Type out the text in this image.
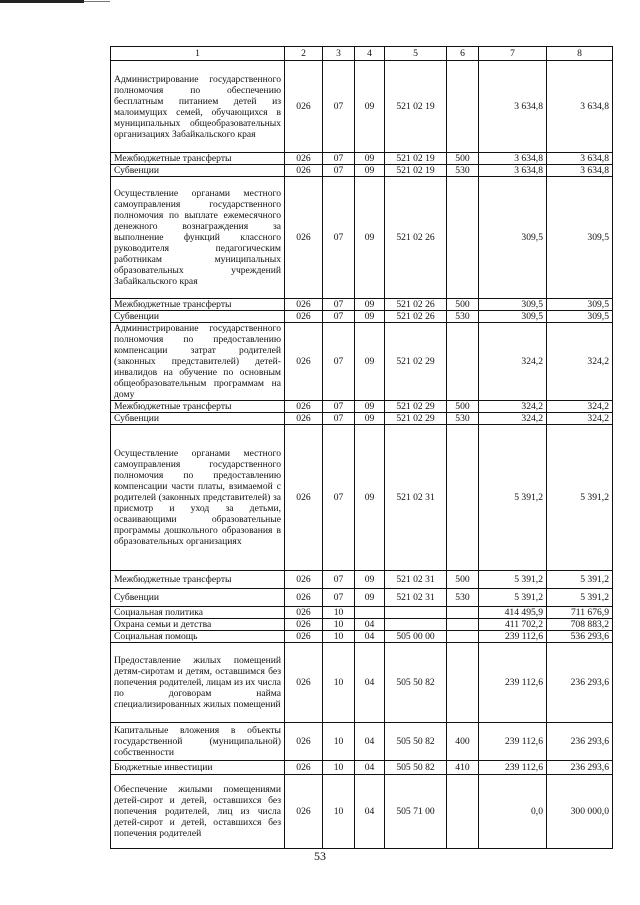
1	2	3	4	5	6	7	8
Администрирование государственного полномочия по обеспечению бесплатным питанием детей из малоимущих семей, обучающихся в муниципальных общеобразовательных организациях Забайкальского края	026	07	09	521 02 19		3 634,8	3 634,8
Межбюджетные трансферты	026	07	09	521 02 19	500	3 634,8	3 634,8
Субвенции	026	07	09	521 02 19	530	3 634,8	3 634,8
Осуществление органами местного самоуправления государственного полномочия по выплате ежемесячного денежного вознаграждения за выполнение функций классного руководителя педагогическим работникам муниципальных образовательных учреждений Забайкальского края	026	07	09	521 02 26		309,5	309,5
Межбюджетные трансферты	026	07	09	521 02 26	500	309,5	309,5
Субвенции	026	07	09	521 02 26	530	309,5	309,5
Администрирование государственного полномочия по предоставлению компенсации затрат родителей (законных представителей) детей-инвалидов на обучение по основным общеобразовательным программам на дому	026	07	09	521 02 29		324,2	324,2
Межбюджетные трансферты	026	07	09	521 02 29	500	324,2	324,2
Субвенции	026	07	09	521 02 29	530	324,2	324,2
Осуществление органами местного самоуправления государственного полномочия по предоставлению компенсации части платы, взимаемой с родителей (законных представителей) за присмотр и уход за детьми, осваивающими образовательные программы дошкольного образования в образовательных организациях	026	07	09	521 02 31		5 391,2	5 391,2
Межбюджетные трансферты	026	07	09	521 02 31	500	5 391,2	5 391,2
Субвенции	026	07	09	521 02 31	530	5 391,2	5 391,2
Социальная политика	026	10				414 495,9	711 676,9
Охрана семьи и детства	026	10	04			411 702,2	708 883,2
Социальная помощь	026	10	04	505 00 00		239 112,6	536 293,6
Предоставление жилых помещений детям-сиротам и детям, оставшимся без попечения родителей, лицам из их числа по договорам найма специализированных жилых помещений	026	10	04	505 50 82		239 112,6	236 293,6
Капитальные вложения в объекты государственной (муниципальной) собственности	026	10	04	505 50 82	400	239 112,6	236 293,6
Бюджетные инвестиции	026	10	04	505 50 82	410	239 112,6	236 293,6
Обеспечение жилыми помещениями детей-сирот и детей, оставшихся без попечения родителей, лиц из числа детей-сирот и детей, оставшихся без попечения родителей	026	10	04	505 71 00		0,0	300 000,0
53
